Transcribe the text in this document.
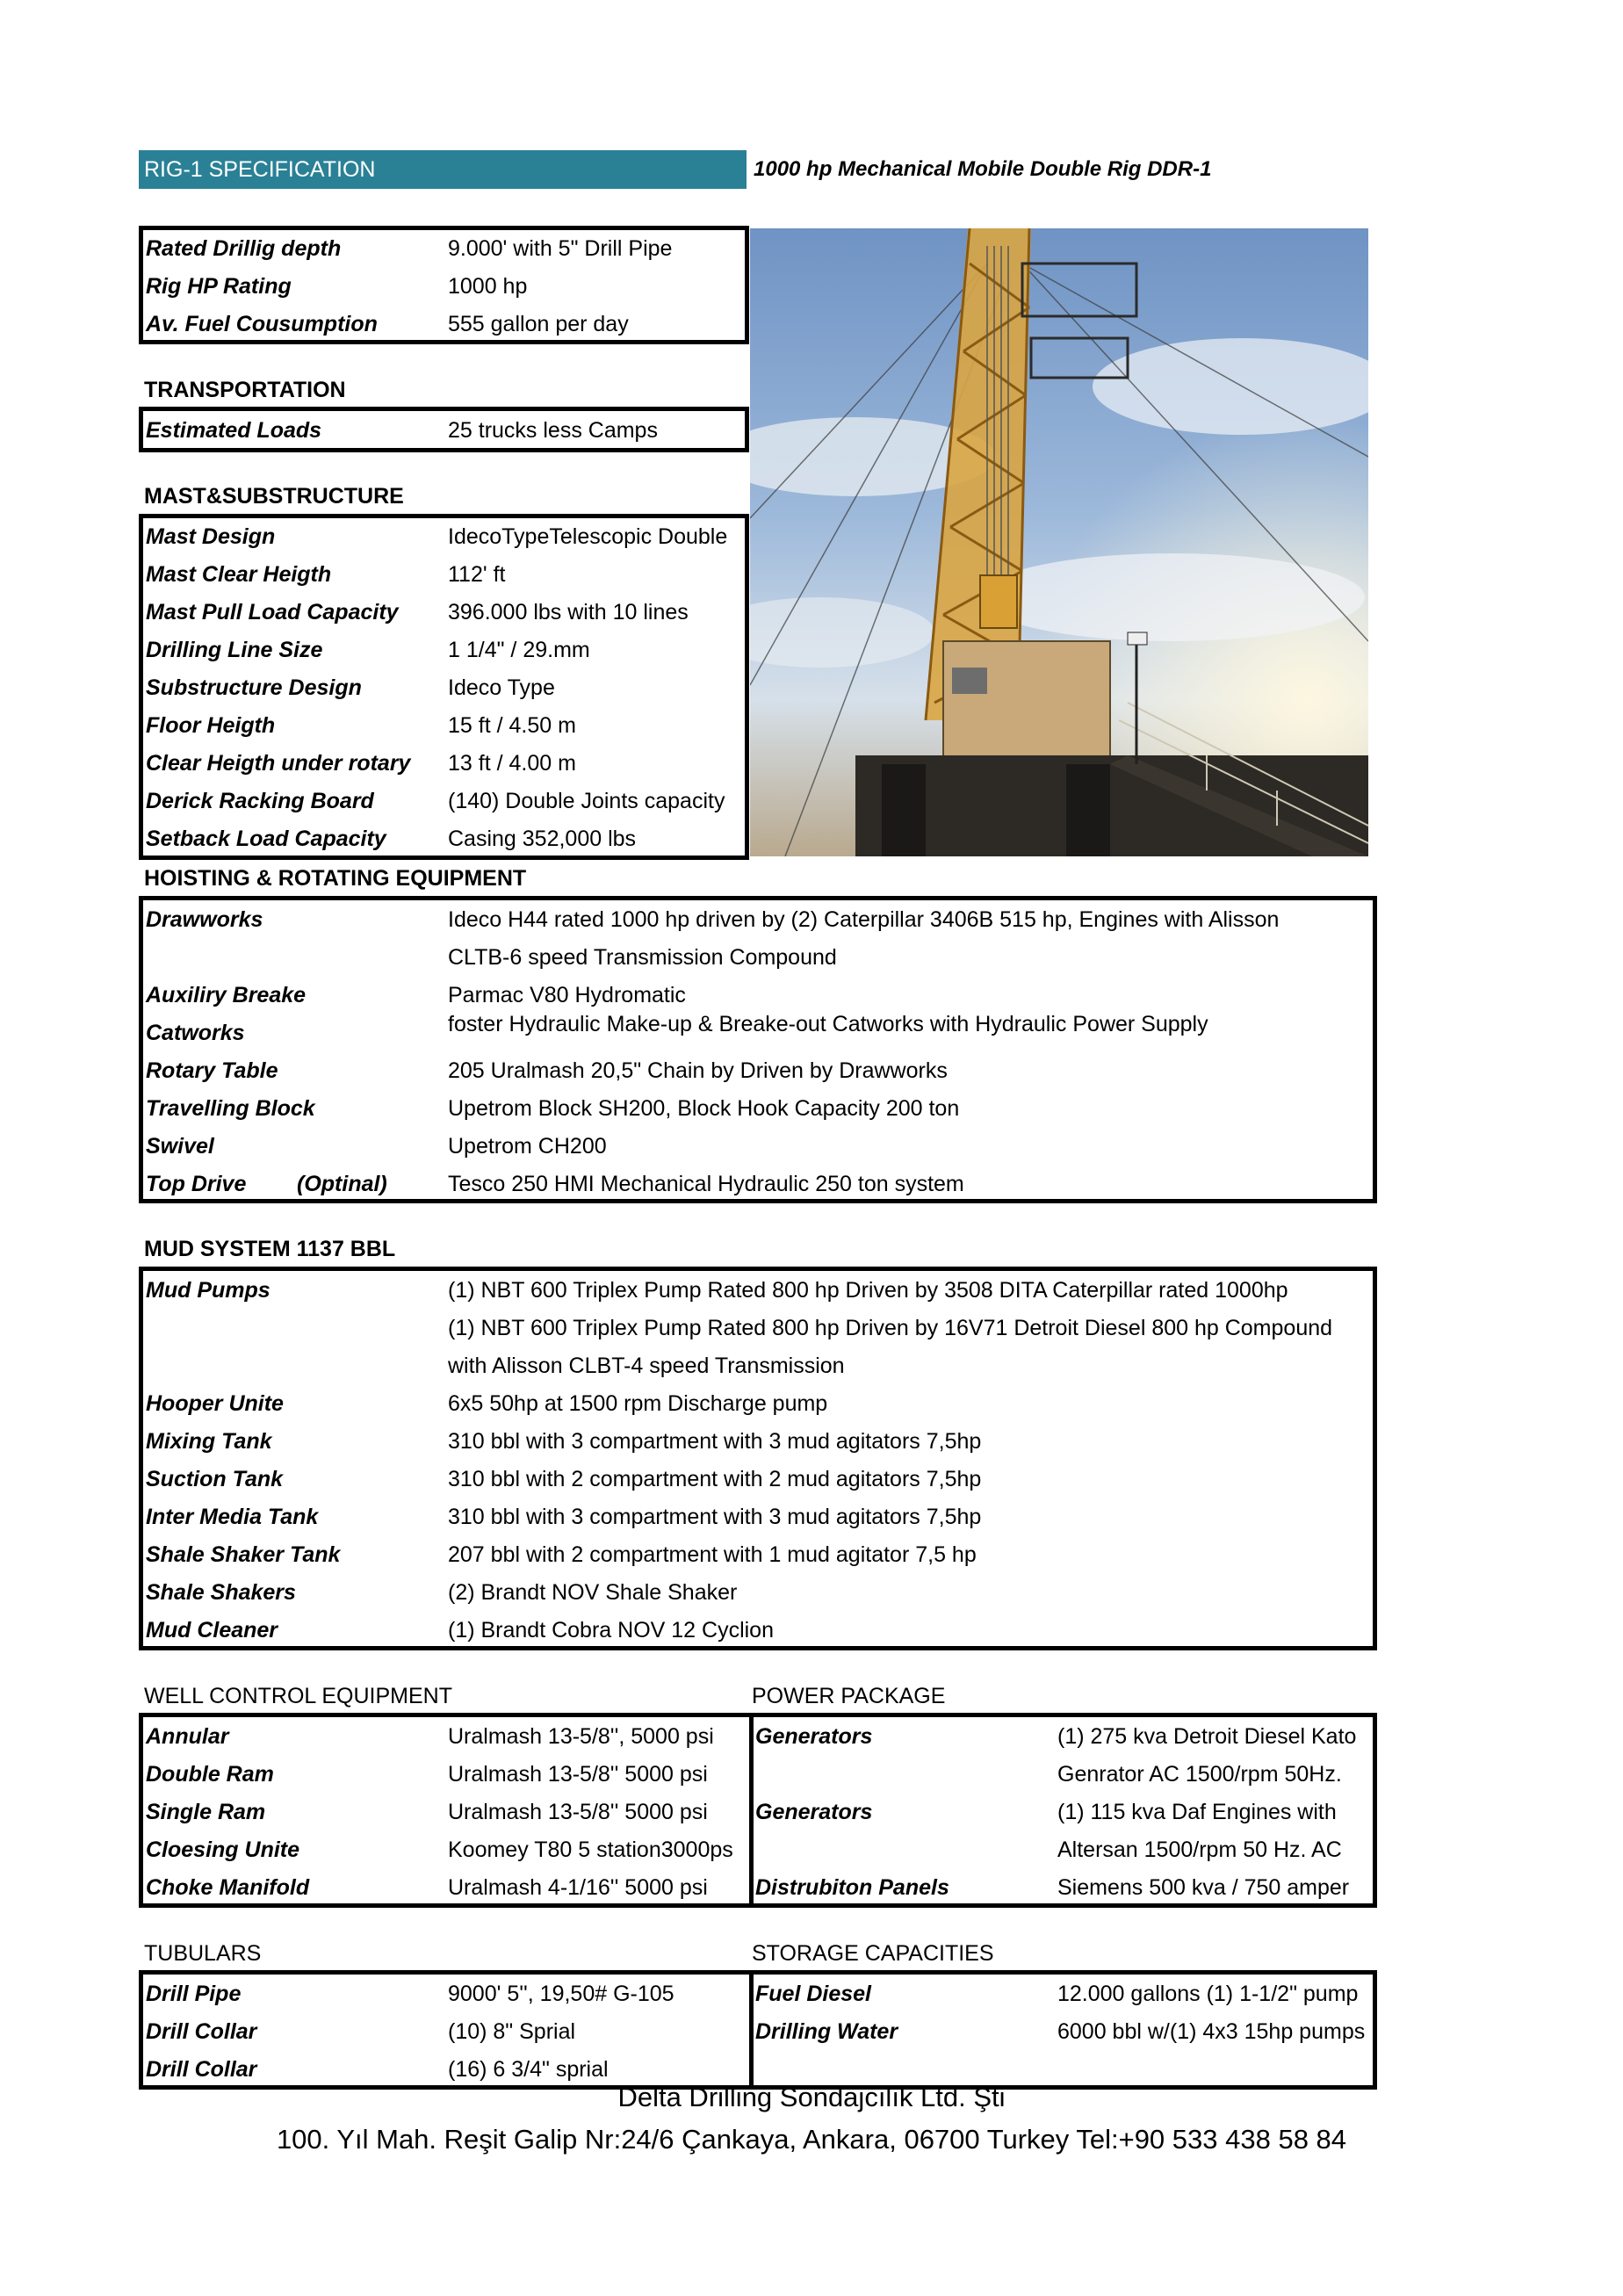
RIG-1 SPECIFICATION	1000 hp Mechanical Mobile Double Rig DDR-1
Rated Drillig depth	9.000' with 5" Drill Pipe
Rig HP Rating	1000 hp
Av. Fuel Cousumption	555 gallon per day
TRANSPORTATION
Estimated Loads	25 trucks less Camps
MAST&SUBSTRUCTURE
Mast Design	IdecoTypeTelescopic Double
Mast Clear Heigth	112' ft
Mast Pull Load Capacity 396.000 lbs with 10 lines
Drilling Line Size	1 1/4" / 29.mm
Substructure Design	Ideco Type
Floor Heigth	15 ft / 4.50 m
Clear Heigth under rotary 13 ft / 4.00 m
Derick Racking Board	(140) Double Joints capacity
Setback Load Capacity	Casing 352,000 lbs
HOISTING & ROTATING EQUIPMENT
Drawworks	Ideco H44 rated 1000 hp driven by (2) Caterpillar 3406B 515 hp, Engines with Alisson
CLTB-6 speed Transmission Compound
Auxiliry Breake	Parmac V80 Hydromatic
Catworks	foster Hydraulic Make-up & Breake-out Catworks with Hydraulic Power Supply
Rotary Table	205 Uralmash 20,5" Chain by Driven by Drawworks
Travelling Block	Upetrom Block SH200, Block Hook Capacity 200 ton
Swivel	Upetrom CH200
Top Drive (Optinal)	Tesco 250 HMI Mechanical Hydraulic 250 ton system
MUD SYSTEM 1137 BBL
Mud Pumps	(1) NBT 600 Triplex Pump Rated 800 hp Driven by 3508 DITA Caterpillar rated 1000hp
(1) NBT 600 Triplex Pump Rated 800 hp Driven by 16V71 Detroit Diesel 800 hp Compound
with Alisson CLBT-4 speed Transmission
Hooper Unite	6x5 50hp at 1500 rpm Discharge pump
Mixing Tank	310 bbl with 3 compartment with 3 mud agitators 7,5hp
Suction Tank	310 bbl with 2 compartment with 2 mud agitators 7,5hp
Inter Media Tank	310 bbl with 3 compartment with 3 mud agitators 7,5hp
Shale Shaker Tank	207 bbl with 2 compartment with 1 mud agitator 7,5 hp
Shale Shakers	(2) Brandt NOV Shale Shaker
Mud Cleaner	(1) Brandt Cobra NOV 12 Cyclion
WELL CONTROL EQUIPMENT	POWER PACKAGE
Annular	Uralmash 13-5/8'', 5000 psi
Double Ram	Uralmash 13-5/8'' 5000 psi
Single Ram	Uralmash 13-5/8'' 5000 psi
Cloesing Unite	Koomey T80 5 station3000ps
Choke Manifold	Uralmash 4-1/16'' 5000 psi
Generators	(1) 275 kva Detroit Diesel Kato
Genrator AC 1500/rpm 50Hz.
Generators	(1) 115 kva Daf Engines with
Altersan 1500/rpm 50 Hz. AC
Distrubiton Panels	Siemens 500 kva / 750 amper
TUBULARS	STORAGE CAPACITIES
Drill Pipe	9000' 5'', 19,50# G-105
Drill Collar	(10) 8" Sprial
Drill Collar	(16) 6 3/4" sprial
Fuel Diesel	12.000 gallons (1) 1-1/2" pump
Drilling Water	6000 bbl w/(1) 4x3 15hp pumps
Delta Drilling Sondajcılık Ltd. Şti
100. Yıl Mah. Reşit Galip Nr:24/6 Çankaya, Ankara, 06700 Turkey Tel:+90 533 438 58 84
